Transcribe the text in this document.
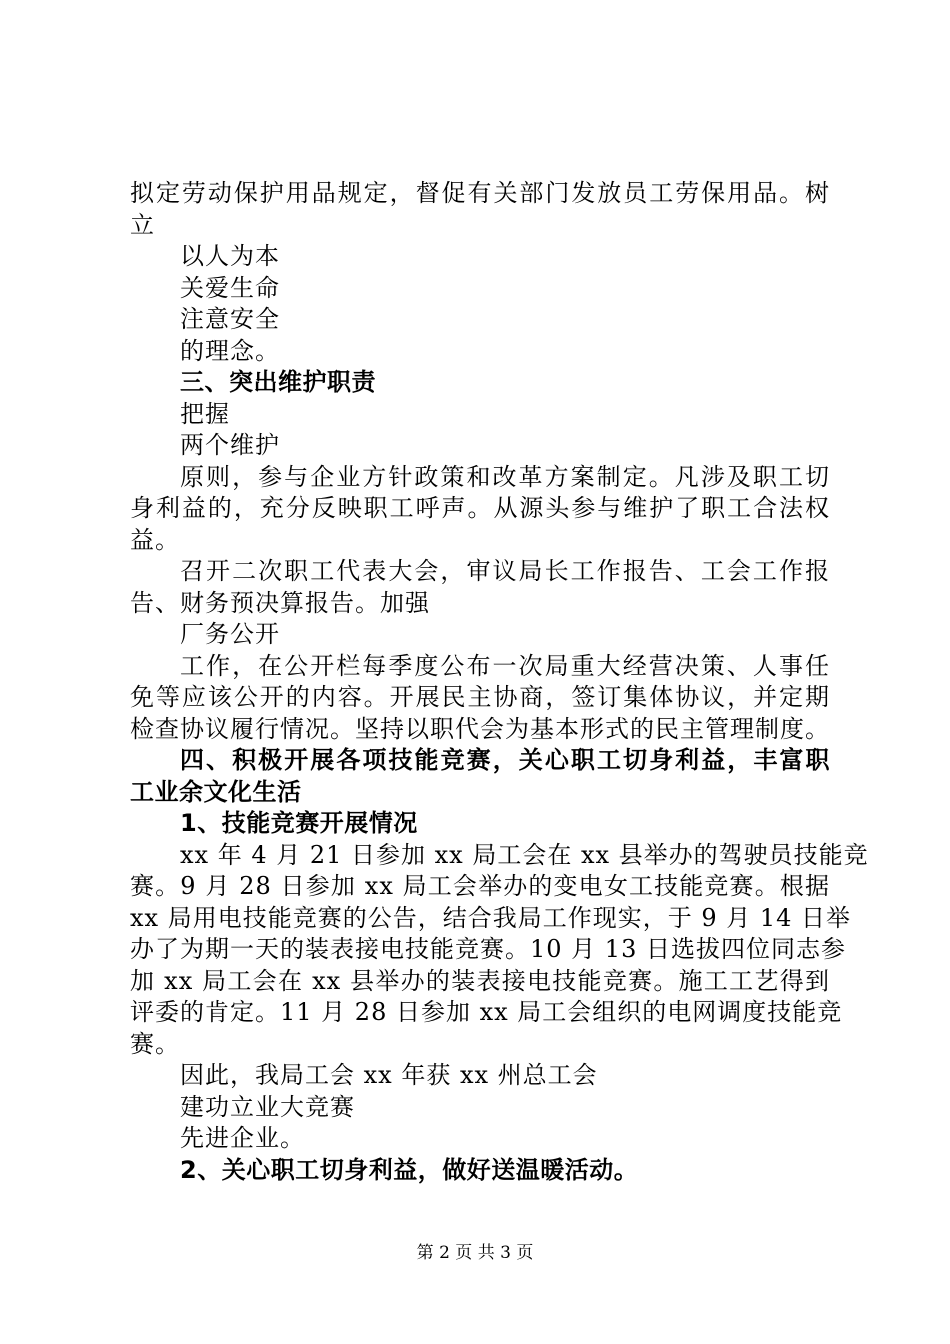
拟定劳动保护用品规定，督促有关部门发放员工劳保用品。树
立
以人为本
关爱生命
注意安全
的理念。
三、突出维护职责
把握
两个维护
原则，参与企业方针政策和改革方案制定。凡涉及职工切
身利益的，充分反映职工呼声。从源头参与维护了职工合法权
益。
召开二次职工代表大会，审议局长工作报告、工会工作报
告、财务预决算报告。加强
厂务公开
工作，在公开栏每季度公布一次局重大经营决策、人事任
免等应该公开的内容。开展民主协商，签订集体协议，并定期
检查协议履行情况。坚持以职代会为基本形式的民主管理制度。
四、积极开展各项技能竞赛，关心职工切身利益，丰富职
工业余文化生活
1、技能竞赛开展情况
xx 年 4 月 21 日参加 xx 局工会在 xx 县举办的驾驶员技能竞
赛。9 月 28 日参加 xx 局工会举办的变电女工技能竞赛。根据
xx 局用电技能竞赛的公告，结合我局工作现实，于 9 月 14 日举
办了为期一天的装表接电技能竞赛。10 月 13 日选拔四位同志参
加 xx 局工会在 xx 县举办的装表接电技能竞赛。施工工艺得到
评委的肯定。11 月 28 日参加 xx 局工会组织的电网调度技能竞
赛。
因此，我局工会 xx 年获 xx 州总工会
建功立业大竞赛
先进企业。
2、关心职工切身利益，做好送温暖活动。
第 2 页 共 3 页
